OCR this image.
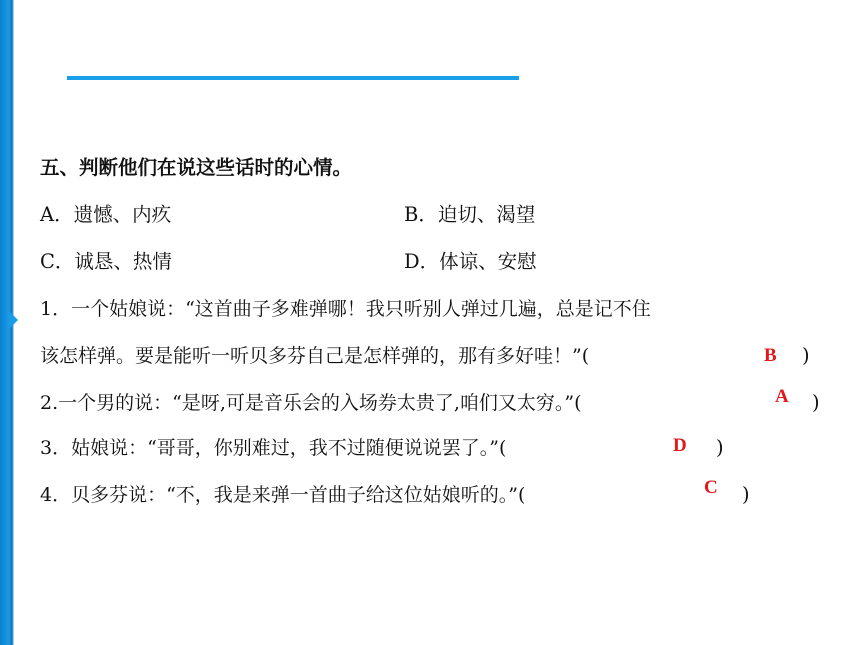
五、判断他们在说这些话时的心情。
A．遗憾、内疚	B．迫切、渴望
C．诚恳、热情	D．体谅、安慰
1．一个姑娘说：“这首曲子多难弹哪！我只听别人弹过几遍，总是记不住
该怎样弹。要是能听一听贝多芬自己是怎样弹的，那有多好哇！”(	B )
2.一个男的说：“是呀,可是音乐会的入场券太贵了,咱们又太穷。”(	A )
3．姑娘说：“哥哥，你别难过，我不过随便说说罢了。”(	D )
4．贝多芬说：“不，我是来弹一首曲子给这位姑娘听的。”(	C )
